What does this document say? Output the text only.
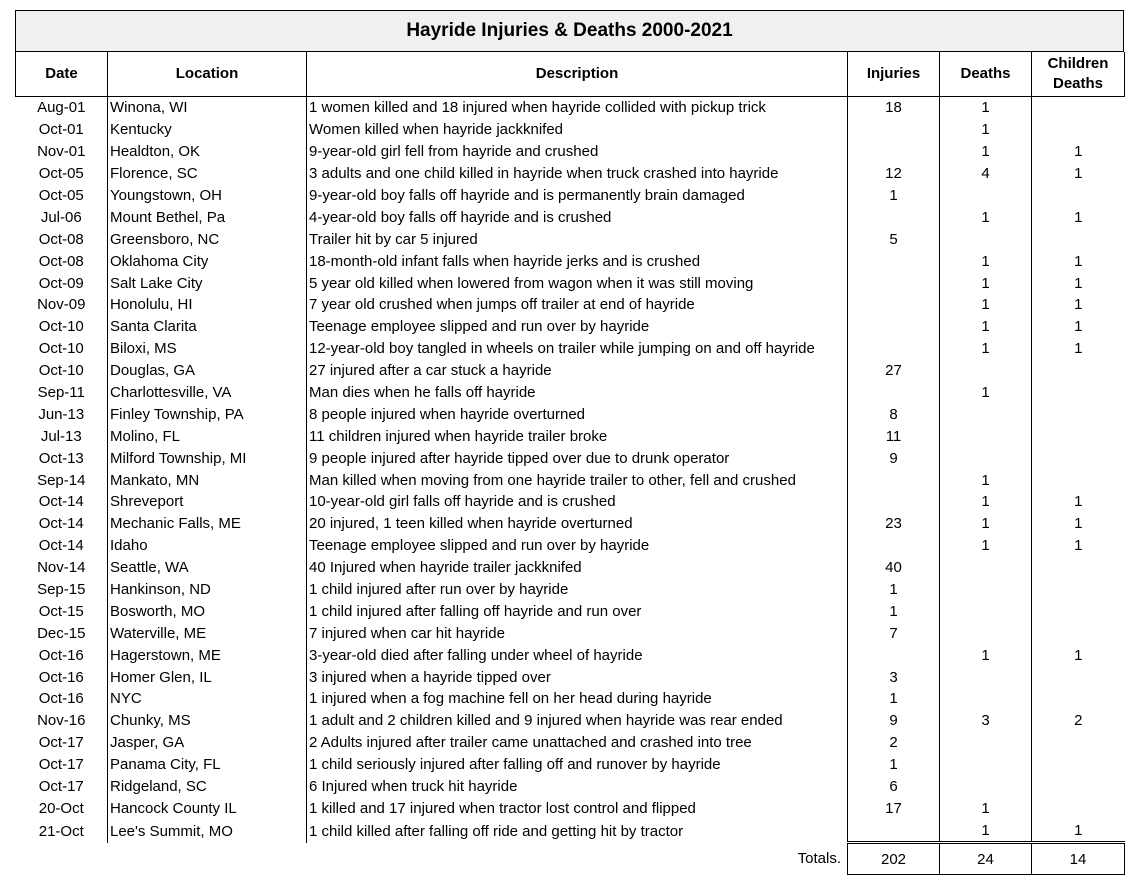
Hayride Injuries & Deaths 2000-2021
Date	Location	Description	Injuries	Deaths	Children
Deaths
Aug-01	Winona, WI	1 women killed and 18 injured when hayride collided with pickup trick	18	1	
Oct-01	Kentucky	Women killed when hayride jackknifed		1	
Nov-01	Healdton, OK	9-year-old girl fell from hayride and crushed		1	1
Oct-05	Florence, SC	3 adults and one child killed in hayride when truck crashed into hayride	12	4	1
Oct-05	Youngstown, OH	9-year-old boy falls off hayride and is permanently brain damaged	1		
Jul-06	Mount Bethel, Pa	4-year-old boy falls off hayride and is crushed		1	1
Oct-08	Greensboro, NC	Trailer hit by car 5 injured	5		
Oct-08	Oklahoma City	18-month-old infant falls when hayride jerks and is crushed		1	1
Oct-09	Salt Lake City	5 year old killed when lowered from wagon when it was still moving		1	1
Nov-09	Honolulu, HI	7 year old crushed when jumps off trailer at end of hayride		1	1
Oct-10	Santa Clarita	Teenage employee slipped and run over by hayride		1	1
Oct-10	Biloxi, MS	12-year-old boy tangled in wheels on trailer while jumping on and off hayride		1	1
Oct-10	Douglas, GA	27 injured after a car stuck a hayride	27		
Sep-11	Charlottesville, VA	Man dies when he falls off hayride		1	
Jun-13	Finley Township, PA	8 people injured when hayride overturned	8		
Jul-13	Molino, FL	11 children injured when hayride trailer broke	11		
Oct-13	Milford Township, MI	9 people injured after hayride tipped over due to drunk operator	9		
Sep-14	Mankato, MN	Man killed when moving from one hayride trailer to other, fell and crushed		1	
Oct-14	Shreveport	10-year-old girl falls off hayride and is crushed		1	1
Oct-14	Mechanic Falls, ME	20 injured, 1 teen killed when hayride overturned	23	1	1
Oct-14	Idaho	Teenage employee slipped and run over by hayride		1	1
Nov-14	Seattle, WA	40 Injured when hayride trailer jackknifed	40		
Sep-15	Hankinson, ND	1 child injured after run over by hayride	1		
Oct-15	Bosworth, MO	1 child injured after falling off hayride and run over	1		
Dec-15	Waterville, ME	7 injured when car hit hayride	7		
Oct-16	Hagerstown, ME	3-year-old died after falling under wheel of hayride		1	1
Oct-16	Homer Glen, IL	3 injured when a hayride tipped over	3		
Oct-16	NYC	1 injured when a fog machine fell on her head during hayride	1		
Nov-16	Chunky, MS	1 adult and 2 children killed and 9 injured when hayride was rear ended	9	3	2
Oct-17	Jasper, GA	2 Adults injured after trailer came unattached and crashed into tree	2		
Oct-17	Panama City, FL	1 child seriously injured after falling off and runover by hayride	1		
Oct-17	Ridgeland, SC	6 Injured when truck hit hayride	6		
20-Oct	Hancock County IL	1 killed and 17 injured when tractor lost control and flipped	17	1	
21-Oct	Lee's Summit, MO	1 child killed after falling off ride and getting hit by tractor		1	1
		Totals.	202	24	14
